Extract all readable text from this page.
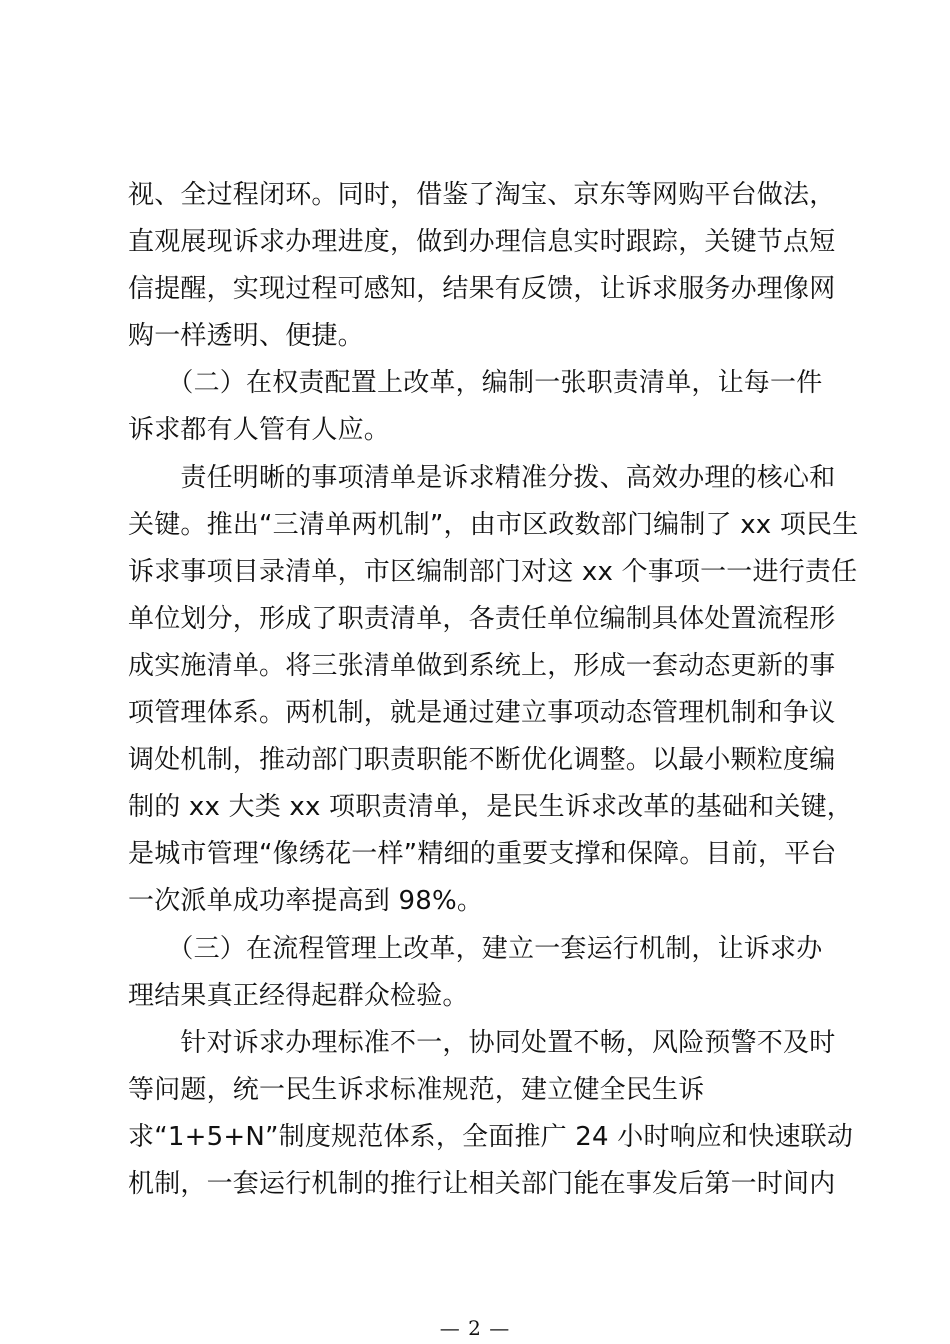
视、全过程闭环。同时，借鉴了淘宝、京东等网购平台做法，
直观展现诉求办理进度，做到办理信息实时跟踪，关键节点短
信提醒，实现过程可感知，结果有反馈，让诉求服务办理像网
购一样透明、便捷。
　　（二）在权责配置上改革，编制一张职责清单，让每一件
诉求都有人管有人应。
　　责任明晰的事项清单是诉求精准分拨、高效办理的核心和
关键。推出“三清单两机制”，由市区政数部门编制了 xx 项民生
诉求事项目录清单，市区编制部门对这 xx 个事项一一进行责任
单位划分，形成了职责清单，各责任单位编制具体处置流程形
成实施清单。将三张清单做到系统上，形成一套动态更新的事
项管理体系。两机制，就是通过建立事项动态管理机制和争议
调处机制，推动部门职责职能不断优化调整。以最小颗粒度编
制的 xx 大类 xx 项职责清单，是民生诉求改革的基础和关键，
是城市管理“像绣花一样”精细的重要支撑和保障。目前，平台
一次派单成功率提高到 98%。
　　（三）在流程管理上改革，建立一套运行机制，让诉求办
理结果真正经得起群众检验。
　　针对诉求办理标准不一，协同处置不畅，风险预警不及时
等问题，统一民生诉求标准规范，建立健全民生诉
求“1+5+N”制度规范体系，全面推广 24 小时响应和快速联动
机制，一套运行机制的推行让相关部门能在事发后第一时间内
— 2 —
